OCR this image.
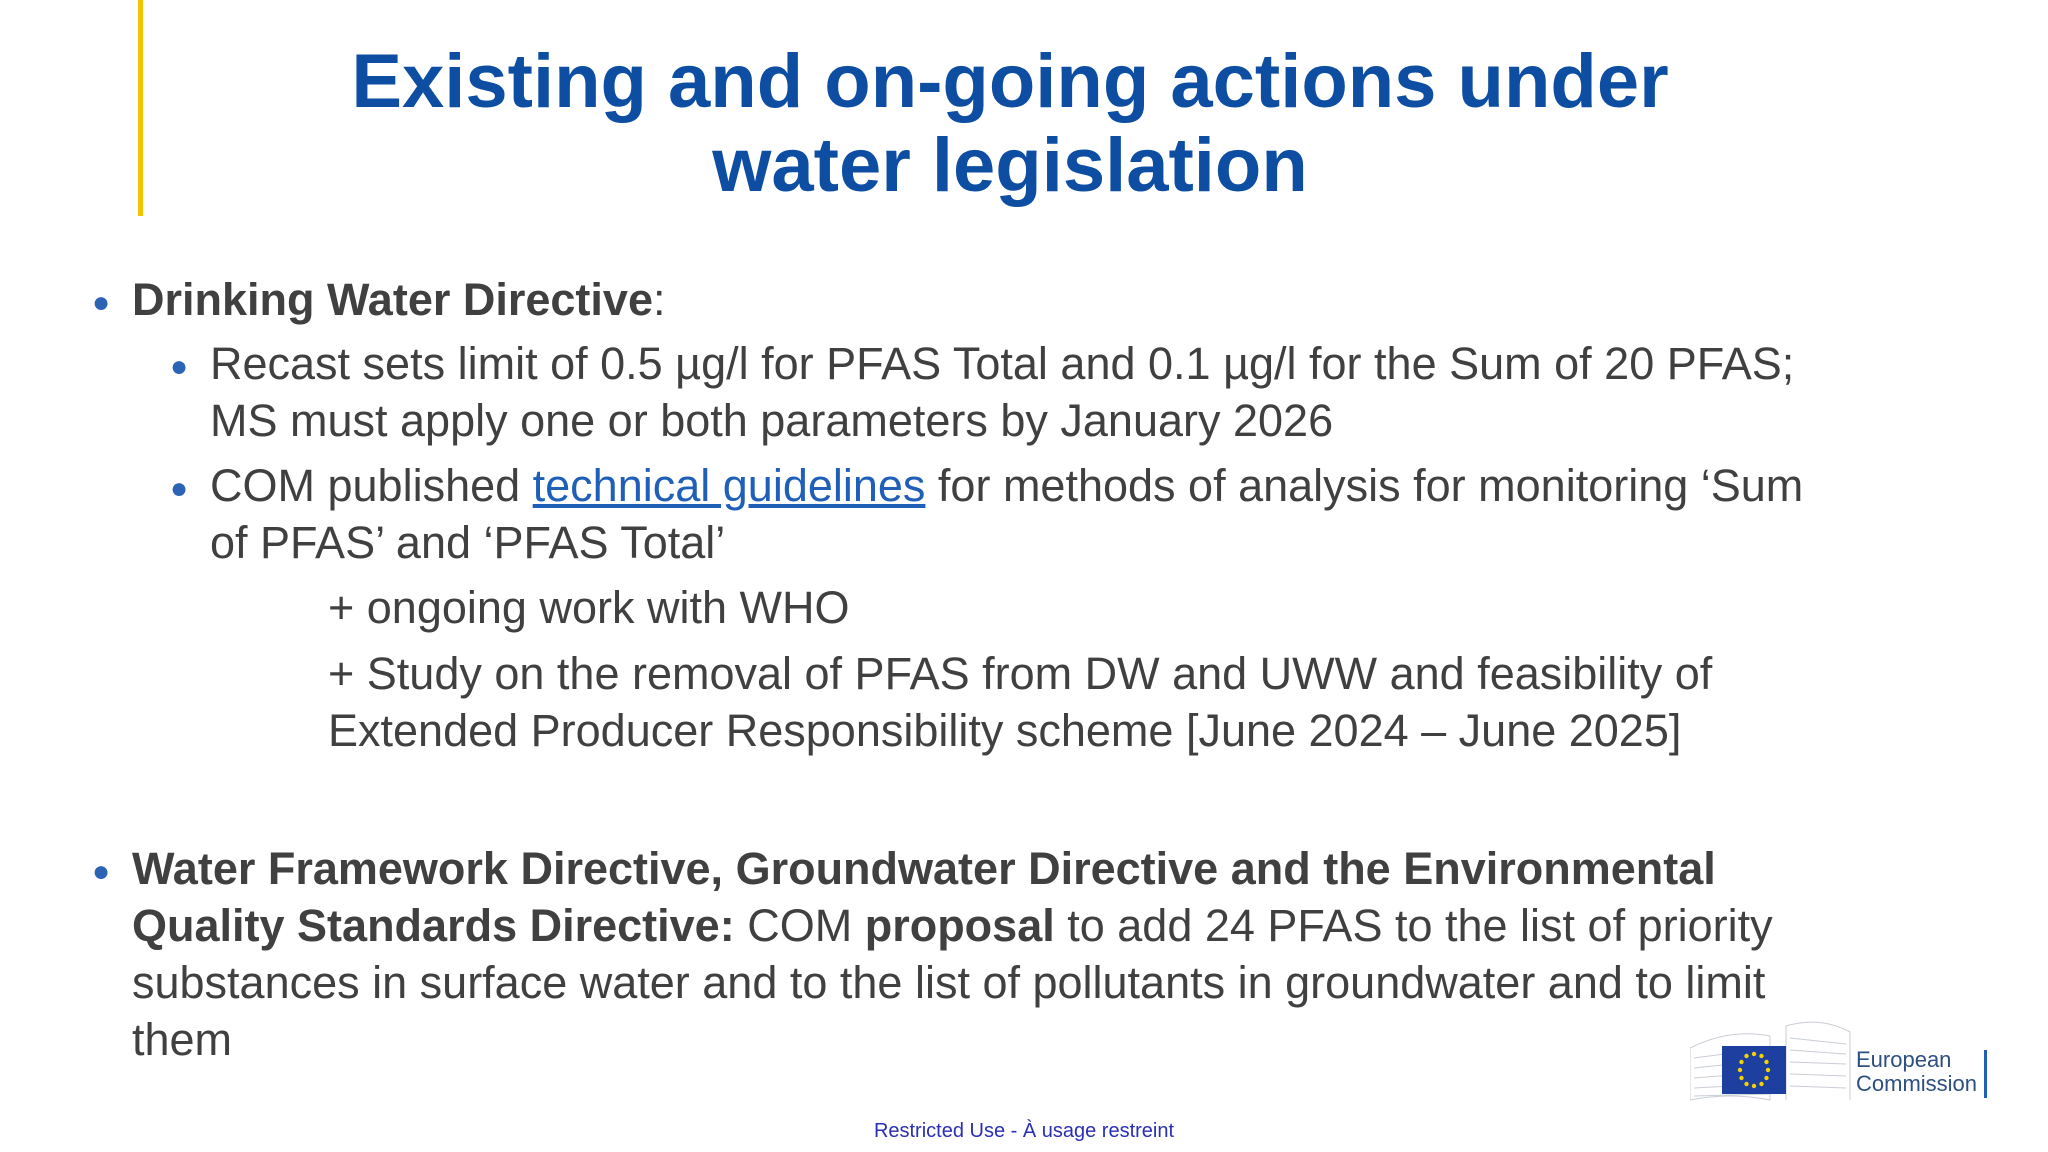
Existing and on-going actions under
water legislation
● Drinking Water Directive:
● Recast sets limit of 0.5 µg/l for PFAS Total and 0.1 µg/l for the Sum of 20 PFAS;
MS must apply one or both parameters by January 2026
● COM published technical guidelines for methods of analysis for monitoring ‘Sum
of PFAS’ and ‘PFAS Total’
+ ongoing work with WHO
+ Study on the removal of PFAS from DW and UWW and feasibility of
Extended Producer Responsibility scheme [June 2024 – June 2025]
● Water Framework Directive, Groundwater Directive and the Environmental
Quality Standards Directive: COM proposal to add 24 PFAS to the list of priority
substances in surface water and to the list of pollutants in groundwater and to limit
them	European
Commission
Restricted Use - À usage restreint
